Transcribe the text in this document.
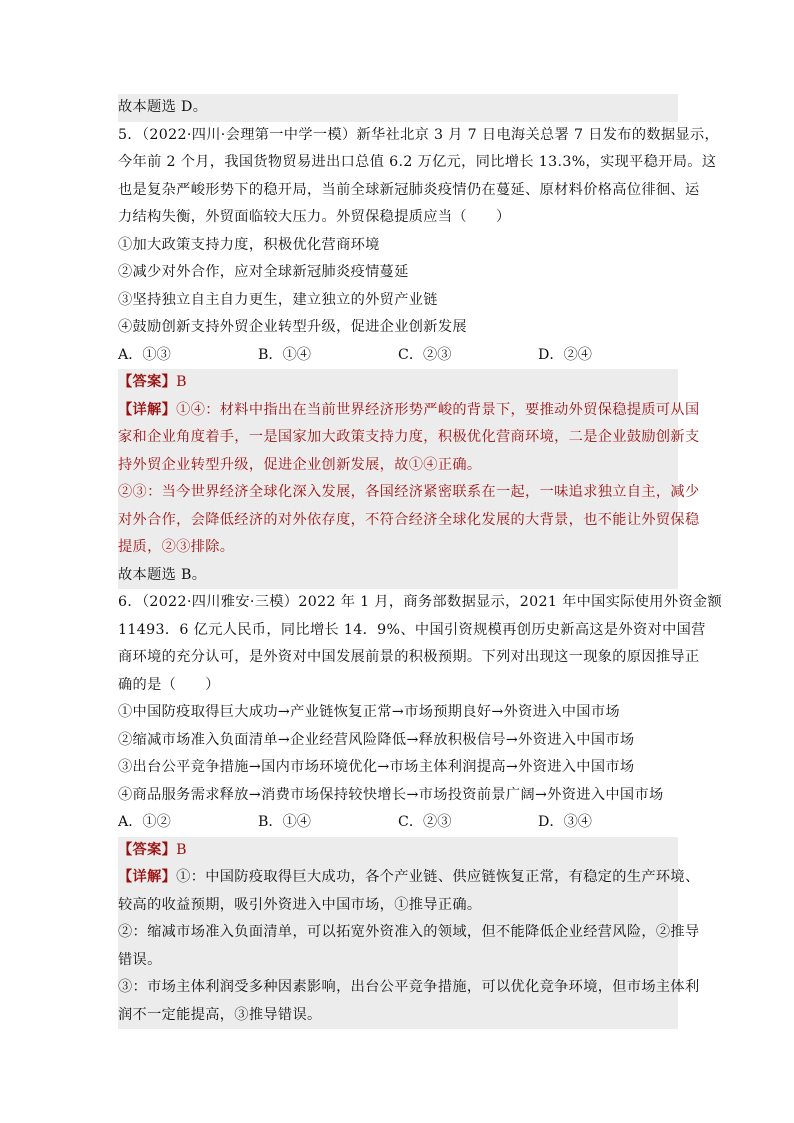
故本题选 D。
5．（2022·四川·会理第一中学一模）新华社北京 3 月 7 日电海关总署 7 日发布的数据显示，
今年前 2 个月，我国货物贸易进出口总值 6.2 万亿元，同比增长 13.3%，实现平稳开局。这
也是复杂严峻形势下的稳开局，当前全球新冠肺炎疫情仍在蔓延、原材料价格高位徘徊、运
力结构失衡，外贸面临较大压力。外贸保稳提质应当（　　）
①加大政策支持力度，积极优化营商环境
②减少对外合作，应对全球新冠肺炎疫情蔓延
③坚持独立自主自力更生，建立独立的外贸产业链
④鼓励创新支持外贸企业转型升级，促进企业创新发展
A．①③	B．①④	C．②③	D．②④
【答案】B
【详解】①④：材料中指出在当前世界经济形势严峻的背景下，要推动外贸保稳提质可从国
家和企业角度着手，一是国家加大政策支持力度，积极优化营商环境，二是企业鼓励创新支
持外贸企业转型升级，促进企业创新发展，故①④正确。
②③：当今世界经济全球化深入发展，各国经济紧密联系在一起，一味追求独立自主，减少
对外合作，会降低经济的对外依存度，不符合经济全球化发展的大背景，也不能让外贸保稳
提质，②③排除。
故本题选 B。
6．（2022·四川雅安·三模）2022 年 1 月，商务部数据显示，2021 年中国实际使用外资金额
11493．6 亿元人民币，同比增长 14．9%、中国引资规模再创历史新高这是外资对中国营
商环境的充分认可，是外资对中国发展前景的积极预期。下列对出现这一现象的原因推导正
确的是（　　）
①中国防疫取得巨大成功→产业链恢复正常→市场预期良好→外资进入中国市场
②缩减市场准入负面清单→企业经营风险降低→释放积极信号→外资进入中国市场
③出台公平竞争措施→国内市场环境优化→市场主体利润提高→外资进入中国市场
④商品服务需求释放→消费市场保持较快增长→市场投资前景广阔→外资进入中国市场
A．①②	B．①④	C．②③	D．③④
【答案】B
【详解】①：中国防疫取得巨大成功，各个产业链、供应链恢复正常，有稳定的生产环境、
较高的收益预期，吸引外资进入中国市场，①推导正确。
②：缩减市场准入负面清单，可以拓宽外资准入的领域，但不能降低企业经营风险，②推导
错误。
③：市场主体利润受多种因素影响，出台公平竞争措施，可以优化竞争环境，但市场主体利
润不一定能提高，③推导错误。
